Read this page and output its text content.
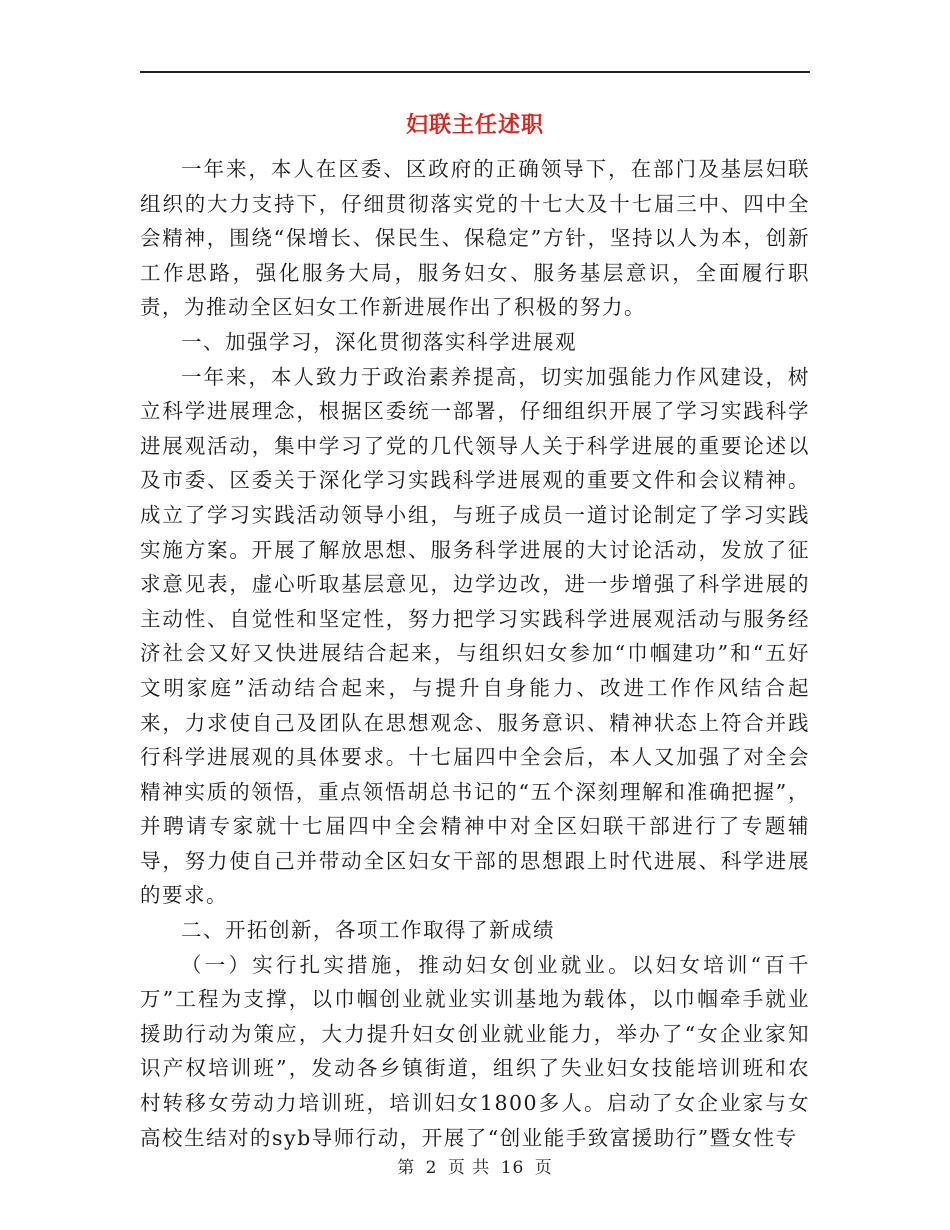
妇联主任述职

一年来，本人在区委、区政府的正确领导下，在部门及基层妇联组织的大力支持下，仔细贯彻落实党的十七大及十七届三中、四中全会精神，围绕“保增长、保民生、保稳定”方针，坚持以人为本，创新工作思路，强化服务大局，服务妇女、服务基层意识，全面履行职责，为推动全区妇女工作新进展作出了积极的努力。

一、加强学习，深化贯彻落实科学进展观

一年来，本人致力于政治素养提高，切实加强能力作风建设，树立科学进展理念，根据区委统一部署，仔细组织开展了学习实践科学进展观活动，集中学习了党的几代领导人关于科学进展的重要论述以及市委、区委关于深化学习实践科学进展观的重要文件和会议精神。成立了学习实践活动领导小组，与班子成员一道讨论制定了学习实践实施方案。开展了解放思想、服务科学进展的大讨论活动，发放了征求意见表，虚心听取基层意见，边学边改，进一步增强了科学进展的主动性、自觉性和坚定性，努力把学习实践科学进展观活动与服务经济社会又好又快进展结合起来，与组织妇女参加“巾帼建功”和“五好文明家庭”活动结合起来，与提升自身能力、改进工作作风结合起来，力求使自己及团队在思想观念、服务意识、精神状态上符合并践行科学进展观的具体要求。十七届四中全会后，本人又加强了对全会精神实质的领悟，重点领悟胡总书记的“五个深刻理解和准确把握”，并聘请专家就十七届四中全会精神中对全区妇联干部进行了专题辅导，努力使自己并带动全区妇女干部的思想跟上时代进展、科学进展的要求。

二、开拓创新，各项工作取得了新成绩

（一）实行扎实措施，推动妇女创业就业。以妇女培训“百千万”工程为支撑，以巾帼创业就业实训基地为载体，以巾帼牵手就业援助行动为策应，大力提升妇女创业就业能力，举办了“女企业家知识产权培训班”，发动各乡镇街道，组织了失业妇女技能培训班和农村转移女劳动力培训班，培训妇女1800多人。启动了女企业家与女高校生结对的syb导师行动，开展了“创业能手致富援助行”暨女性专

第 2 页 共 16 页
